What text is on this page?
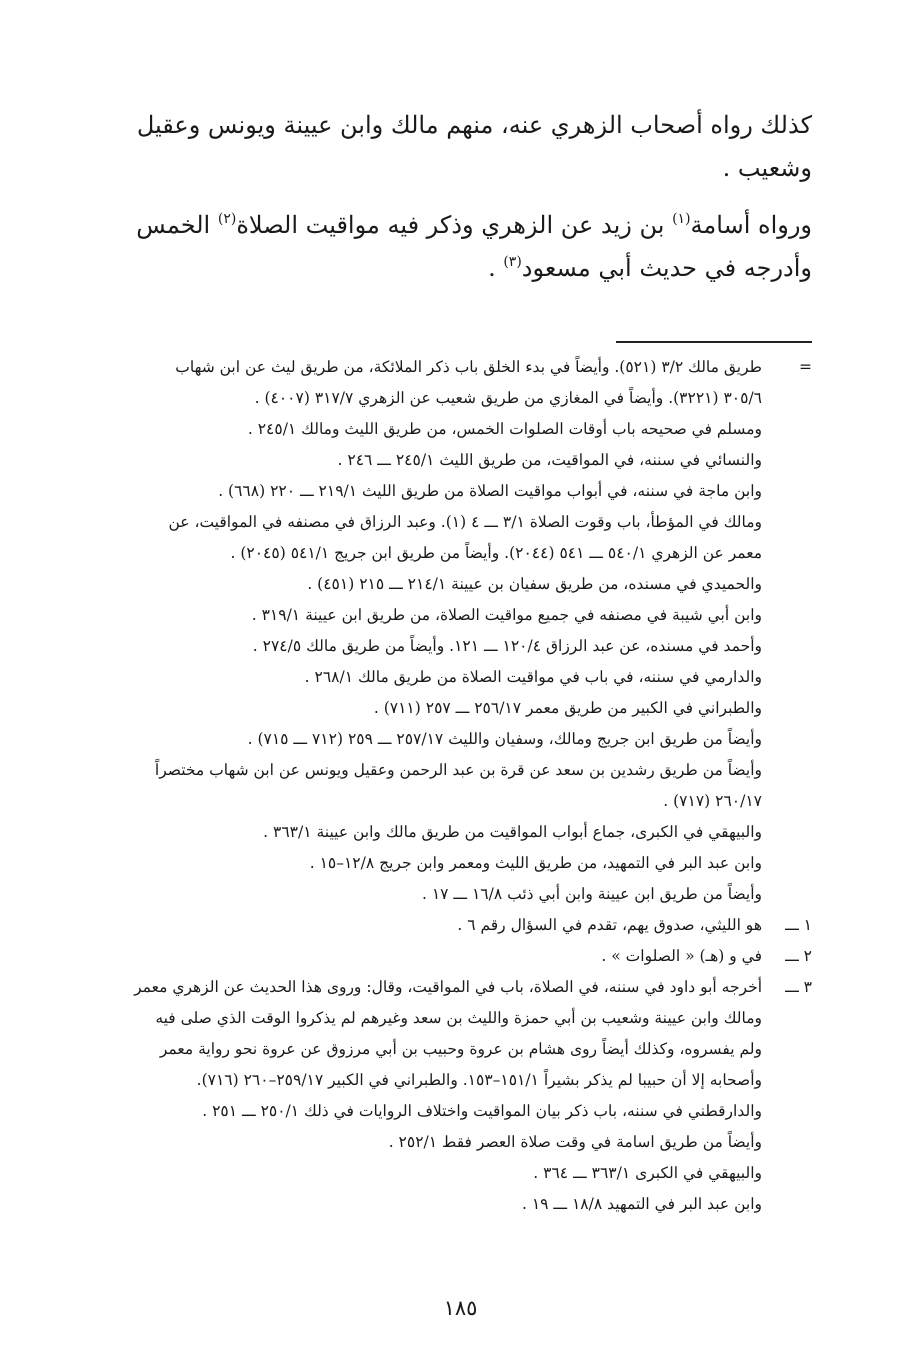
كذلك رواه أصحاب الزهري عنه، منهم مالك وابن عيينة ويونس وعقيل

وشعيب .

ورواه أسامة$^{(١)}$ بن زيد عن الزهري وذكر فيه مواقيت الصلاة$^{(٢)}$ الخمس

وأدرجه في حديث أبي مسعود$^{(٣)}$ .

=
طريق مالك ٣/٢ (٥٢١). وأيضاً في بدء الخلق باب ذكر الملائكة، من طريق ليث عن ابن شهاب
٣٠٥/٦ (٣٢٢١). وأيضاً في المغازي من طريق شعيب عن الزهري ٣١٧/٧ (٤٠٠٧) .
ومسلم في صحيحه باب أوقات الصلوات الخمس، من طريق الليث ومالك ٢٤٥/١ .
والنسائي في سننه، في المواقيت، من طريق الليث ٢٤٥/١ ـــ ٢٤٦ .
وابن ماجة في سننه، في أبواب مواقيت الصلاة من طريق الليث ٢١٩/١ ـــ ٢٢٠ (٦٦٨) .
ومالك في المؤطأ، باب وقوت الصلاة ٣/١ ـــ ٤ (١). وعبد الرزاق في مصنفه في المواقيت، عن
معمر عن الزهري ٥٤٠/١ ـــ ٥٤١ (٢٠٤٤). وأيضاً من طريق ابن جريج ٥٤١/١ (٢٠٤٥) .
والحميدي في مسنده، من طريق سفيان بن عيينة ٢١٤/١ ـــ ٢١٥ (٤٥١) .
وابن أبي شيبة في مصنفه في جميع مواقيت الصلاة، من طريق ابن عيينة ٣١٩/١ .
وأحمد في مسنده، عن عبد الرزاق ١٢٠/٤ ـــ ١٢١. وأيضاً من طريق مالك ٢٧٤/٥ .
والدارمي في سننه، في باب في مواقيت الصلاة من طريق مالك ٢٦٨/١ .
والطبراني في الكبير من طريق معمر ٢٥٦/١٧ ـــ ٢٥٧ (٧١١) .
وأيضاً من طريق ابن جريج ومالك، وسفيان والليث ٢٥٧/١٧ ـــ ٢٥٩ (٧١٢ ـــ ٧١٥) .
وأيضاً من طريق رشدين بن سعد عن قرة بن عبد الرحمن وعقيل ويونس عن ابن شهاب مختصراً
٢٦٠/١٧ (٧١٧) .
والبيهقي في الكبرى، جماع أبواب المواقيت من طريق مالك وابن عيينة ٣٦٣/١ .
وابن عبد البر في التمهيد، من طريق الليث ومعمر وابن جريج ١٢/٨–١٥ .
وأيضاً من طريق ابن عيينة وابن أبي ذئب ١٦/٨ ـــ ١٧ .
١ ـــ
هو الليثي، صدوق يهم، تقدم في السؤال رقم ٦ .
٢ ـــ
في و (هـ) « الصلوات » .
٣ ـــ
أخرجه أبو داود في سننه، في الصلاة، باب في المواقيت، وقال: وروى هذا الحديث عن الزهري معمر
ومالك وابن عيينة وشعيب بن أبي حمزة والليث بن سعد وغيرهم لم يذكروا الوقت الذي صلى فيه
ولم يفسروه، وكذلك أيضاً روى هشام بن عروة وحبيب بن أبي مرزوق عن عروة نحو رواية معمر
وأصحابه إلا أن حبيبا لم يذكر بشيراً ١٥١/١–١٥٣. والطبراني في الكبير ٢٥٩/١٧–٢٦٠ (٧١٦).
والدارقطني في سننه، باب ذكر بيان المواقيت واختلاف الروايات في ذلك ٢٥٠/١ ـــ ٢٥١ .
وأيضاً من طريق اسامة في وقت صلاة العصر فقط ٢٥٢/١ .
والبيهقي في الكبرى ٣٦٣/١ ـــ ٣٦٤ .
وابن عبد البر في التمهيد ١٨/٨ ـــ ١٩ .
١٨٥
